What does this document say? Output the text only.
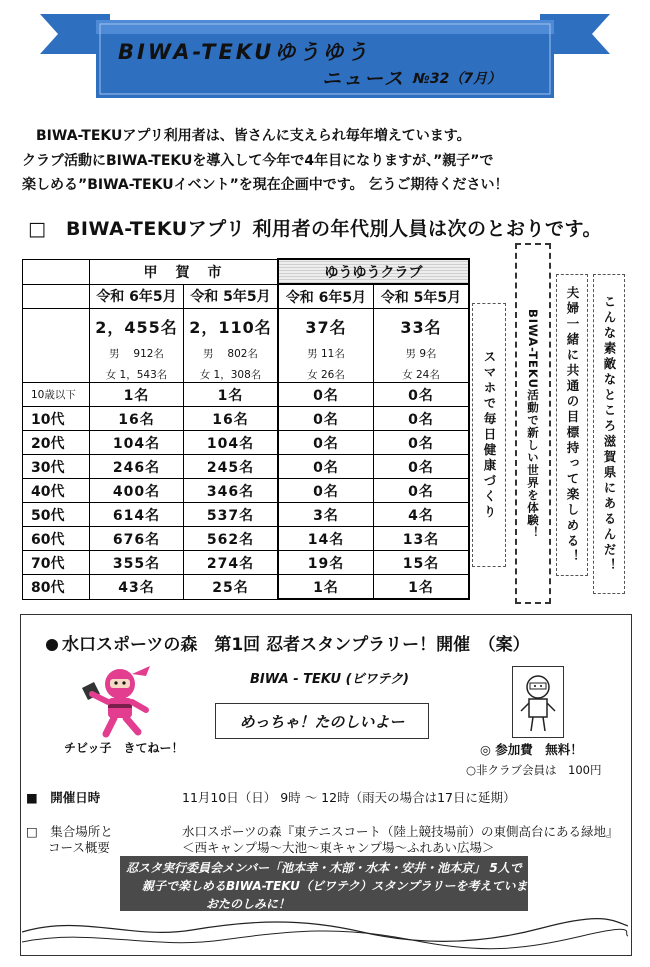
BIWA-TEKUゆうゆう
ニュース №32（7月）
BIWA-TEKUアプリ利用者は、皆さんに支えられ毎年増えています。
クラブ活動にBIWA-TEKUを導入して今年で4年目になりますが、”親子”で
楽しめる”BIWA-TEKUイベント”を現在企画中です。 乞うご期待ください！
□　BIWA-TEKUアプリ 利用者の年代別人員は次のとおりです。
	甲　賀　市		ゆうゆうクラブ	
	令和 6年5月	令和 5年5月	令和 6年5月	令和 5年5月

	2，455名
男　 912名
女 1，543名	2，110名
男　 802名
女 1，308名	37名
男 11名
女 26名	33名
男 9名
女 24名

10歳以下	1名	1名	0名	0名
10代	16名	16名	0名	0名
20代	104名	104名	0名	0名
30代	246名	245名	0名	0名
40代	400名	346名	0名	0名
50代	614名	537名	3名	4名
60代	676名	562名	14名	13名
70代	355名	274名	19名	15名
80代	43名	25名	1名	1名
スマホで毎日健康づくり	BIWA-TEKU活動で新しい世界を体験！	夫婦一緒に共通の目標持って楽しめる！	こんな素敵なところ滋賀県にあるんだ！
水口スポーツの森　第1回 忍者スタンプラリー！開催　（案）
チビッ子　きてねー！
BIWA - TEKU (ビワテク)
めっちゃ！たのしいよー
◎ 参加費　無料！
○非クラブ会員は　100円
■　開催日時	11月10日（日） 9時 ～ 12時（雨天の場合は17日に延期）
□　集合場所と
コース概要
水口スポーツの森『東テニスコート（陸上競技場前）の東側高台にある緑地』
＜西キャンプ場～大池～東キャンプ場～ふれあい広場＞
忍スタ実行委員会メンバー「池本幸・木部・水本・安井・池本京」 5人で
親子で楽しめるBIWA-TEKU（ビワテク）スタンプラリーを考えています。
おたのしみに！
